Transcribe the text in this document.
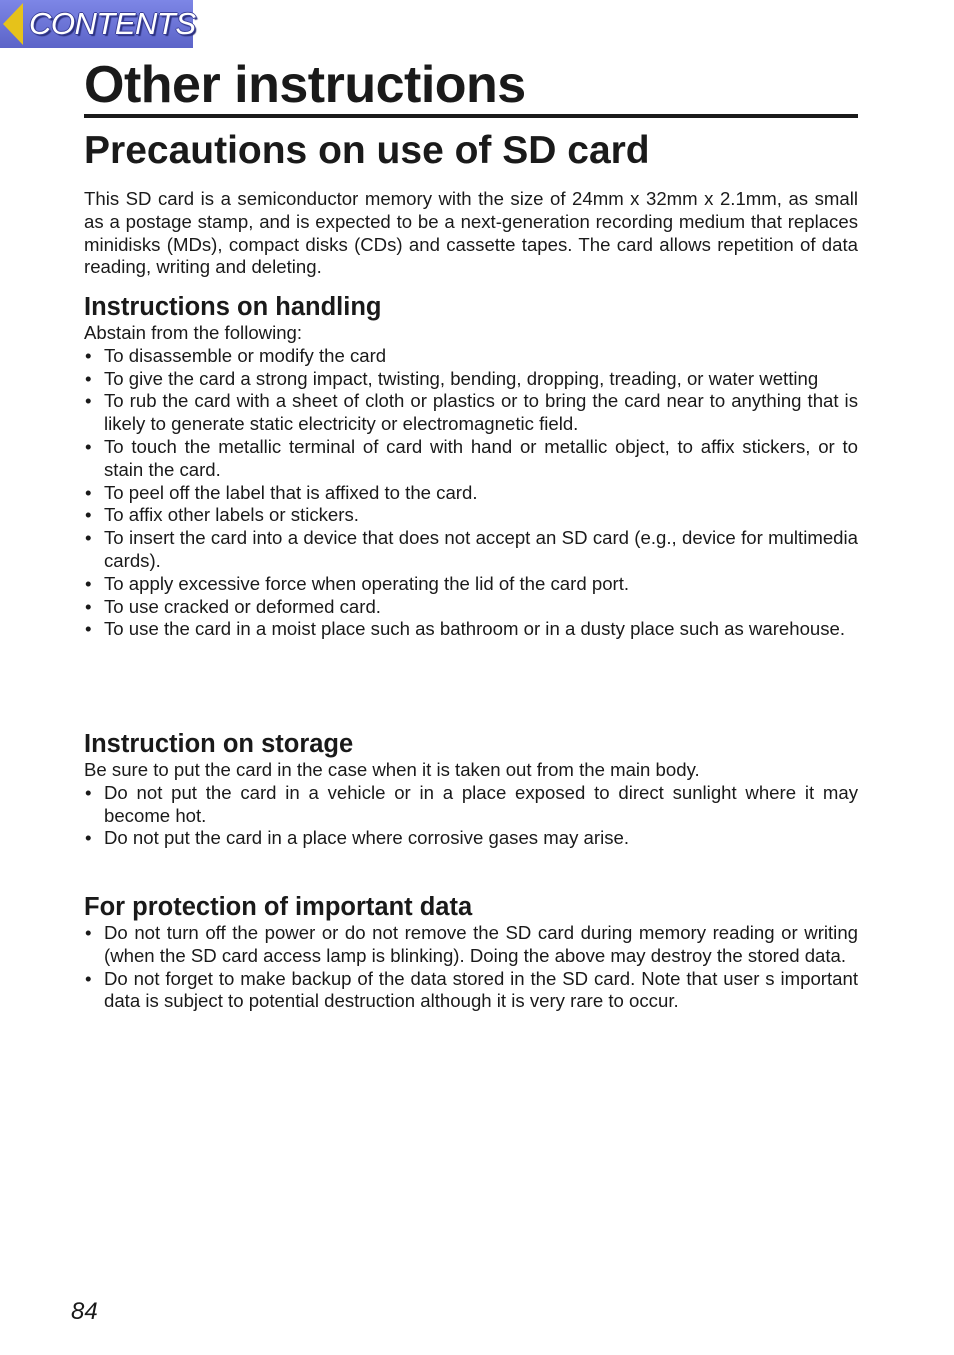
CONTENTS
Other instructions
Precautions on use of SD card

This SD card is a semiconductor memory with the size of 24mm x 32mm x 2.1mm, as small as a postage stamp, and is expected to be a next-generation recording medium that replaces minidisks (MDs), compact disks (CDs) and cassette tapes. The card allows repetition of data reading, writing and deleting.

Instructions on handling

Abstain from the following:

• To disassemble or modify the card
• To give the card a strong impact, twisting, bending, dropping, treading, or water wetting
• To rub the card with a sheet of cloth or plastics or to bring the card near to anything that is likely to generate static electricity or electromagnetic field.
• To touch the metallic terminal of card with hand or metallic object, to affix stickers, or to stain the card.
• To peel off the label that is affixed to the card.
• To affix other labels or stickers.
• To insert the card into a device that does not accept an SD card (e.g., device for multimedia cards).
• To apply excessive force when operating the lid of the card port.
• To use cracked or deformed card.
• To use the card in a moist place such as bathroom or in a dusty place such as warehouse.
Instruction on storage

Be sure to put the card in the case when it is taken out from the main body.

• Do not put the card in a vehicle or in a place exposed to direct sunlight where it may become hot.
• Do not put the card in a place where corrosive gases may arise.
For protection of important data
• Do not turn off the power or do not remove the SD card during memory reading or writing (when the SD card access lamp is blinking). Doing the above may destroy the stored data.
• Do not forget to make backup of the data stored in the SD card. Note that user s important data is subject to potential destruction although it is very rare to occur.
84
